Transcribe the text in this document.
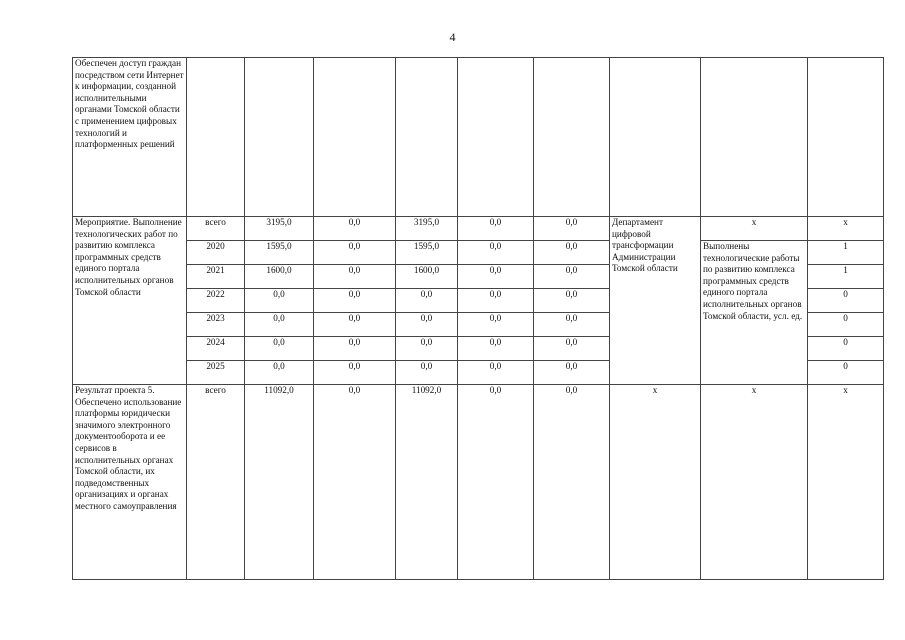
4
Обеспечен доступ граждан посредством сети Интернет к информации, созданной исполнительными органами Томской области с применением цифровых технологий и платформенных решений									
Мероприятие. Выполнение технологических работ по развитию комплекса программных средств единого портала исполнительных органов Томской области	всего	3195,0	0,0	3195,0	0,0	0,0	Департамент цифровой трансформации Администрации Томской области	x	x
	2020	1595,0	0,0	1595,0	0,0	0,0		Выполнены технологические работы по развитию комплекса программных средств единого портала исполнительных органов Томской области, усл. ед.	1
	2021	1600,0	0,0	1600,0	0,0	0,0			1
	2022	0,0	0,0	0,0	0,0	0,0			0
	2023	0,0	0,0	0,0	0,0	0,0			0
	2024	0,0	0,0	0,0	0,0	0,0			0
	2025	0,0	0,0	0,0	0,0	0,0			0
Результат проекта 5. Обеспечено использование платформы юридически значимого электронного документооборота и ее сервисов в исполнительных органах Томской области, их подведомственных организациях и органах местного самоуправления	всего	11092,0	0,0	11092,0	0,0	0,0	x	x	x
